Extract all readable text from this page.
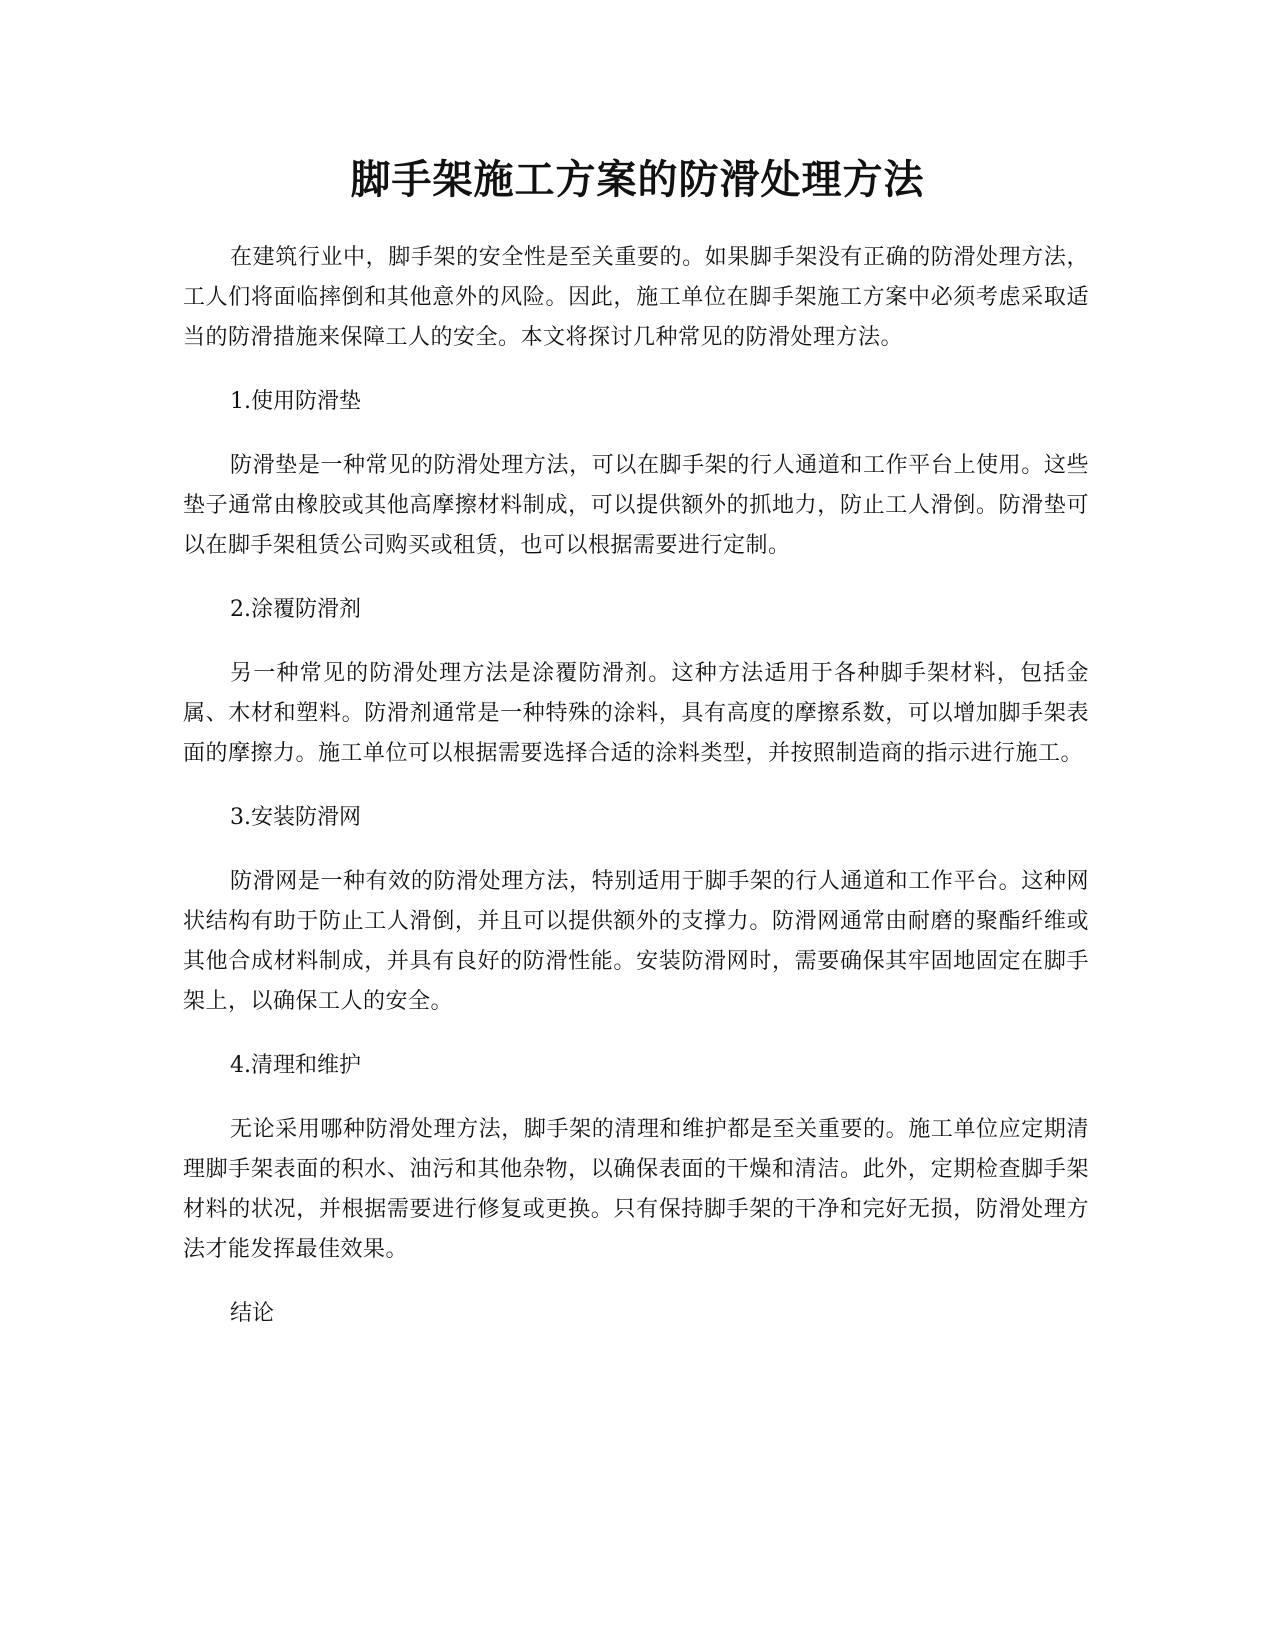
脚手架施工方案的防滑处理方法

在建筑行业中，脚手架的安全性是至关重要的。如果脚手架没有正确的防滑处理方法，工人们将面临摔倒和其他意外的风险。因此，施工单位在脚手架施工方案中必须考虑采取适当的防滑措施来保障工人的安全。本文将探讨几种常见的防滑处理方法。

1.使用防滑垫

防滑垫是一种常见的防滑处理方法，可以在脚手架的行人通道和工作平台上使用。这些垫子通常由橡胶或其他高摩擦材料制成，可以提供额外的抓地力，防止工人滑倒。防滑垫可以在脚手架租赁公司购买或租赁，也可以根据需要进行定制。

2.涂覆防滑剂

另一种常见的防滑处理方法是涂覆防滑剂。这种方法适用于各种脚手架材料，包括金属、木材和塑料。防滑剂通常是一种特殊的涂料，具有高度的摩擦系数，可以增加脚手架表面的摩擦力。施工单位可以根据需要选择合适的涂料类型，并按照制造商的指示进行施工。

3.安装防滑网

防滑网是一种有效的防滑处理方法，特别适用于脚手架的行人通道和工作平台。这种网状结构有助于防止工人滑倒，并且可以提供额外的支撑力。防滑网通常由耐磨的聚酯纤维或其他合成材料制成，并具有良好的防滑性能。安装防滑网时，需要确保其牢固地固定在脚手架上，以确保工人的安全。

4.清理和维护

无论采用哪种防滑处理方法，脚手架的清理和维护都是至关重要的。施工单位应定期清理脚手架表面的积水、油污和其他杂物，以确保表面的干燥和清洁。此外，定期检查脚手架材料的状况，并根据需要进行修复或更换。只有保持脚手架的干净和完好无损，防滑处理方法才能发挥最佳效果。

结论
